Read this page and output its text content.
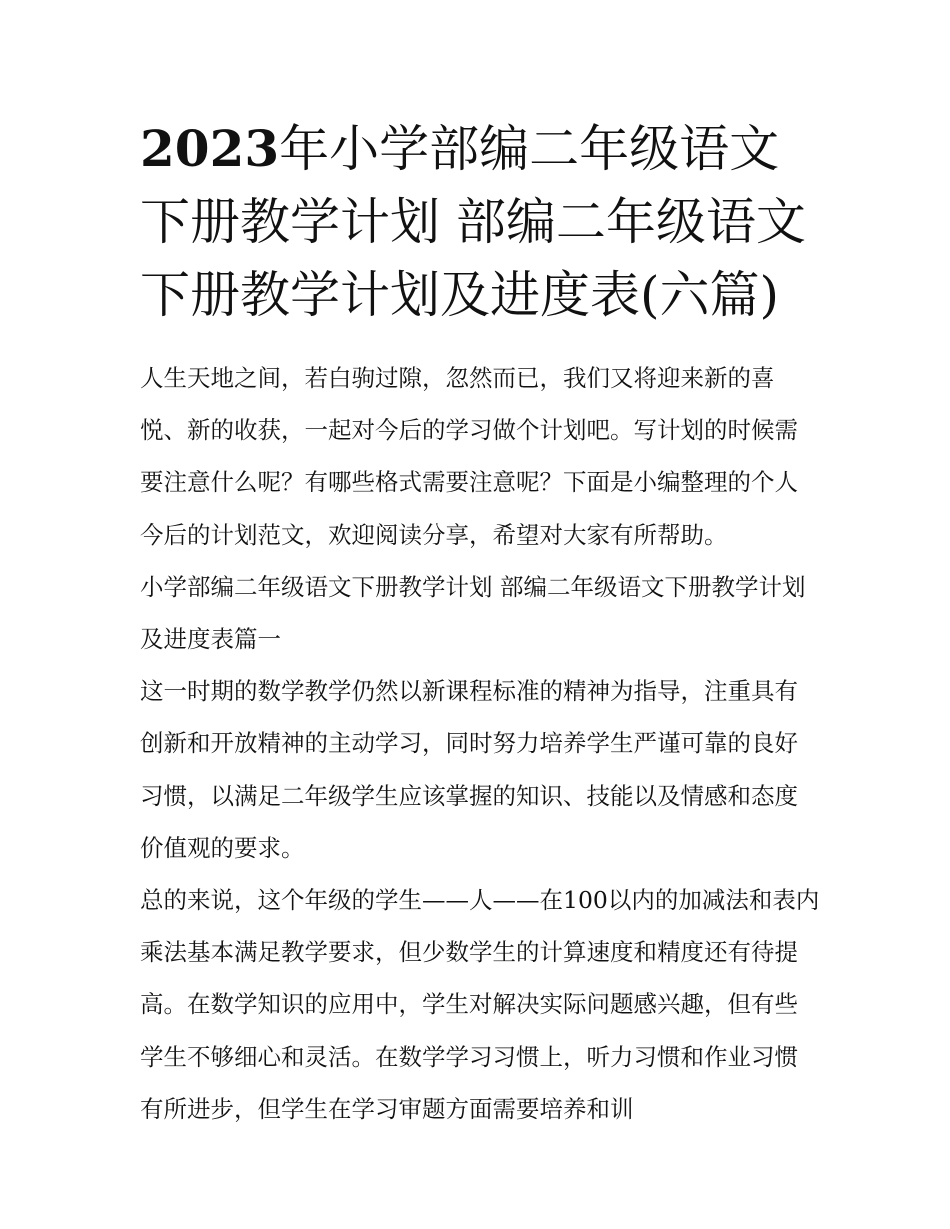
2023年小学部编二年级语文下册教学计划 部编二年级语文下册教学计划及进度表(六篇)

人生天地之间，若白驹过隙，忽然而已，我们又将迎来新的喜悦、新的收获，一起对今后的学习做个计划吧。写计划的时候需要注意什么呢？有哪些格式需要注意呢？下面是小编整理的个人今后的计划范文，欢迎阅读分享，希望对大家有所帮助。

小学部编二年级语文下册教学计划 部编二年级语文下册教学计划及进度表篇一

这一时期的数学教学仍然以新课程标准的精神为指导，注重具有创新和开放精神的主动学习，同时努力培养学生严谨可靠的良好习惯，以满足二年级学生应该掌握的知识、技能以及情感和态度价值观的要求。

总的来说，这个年级的学生——人——在100以内的加减法和表内乘法基本满足教学要求，但少数学生的计算速度和精度还有待提高。在数学知识的应用中，学生对解决实际问题感兴趣，但有些学生不够细心和灵活。在数学学习习惯上，听力习惯和作业习惯有所进步，但学生在学习审题方面需要培养和训
